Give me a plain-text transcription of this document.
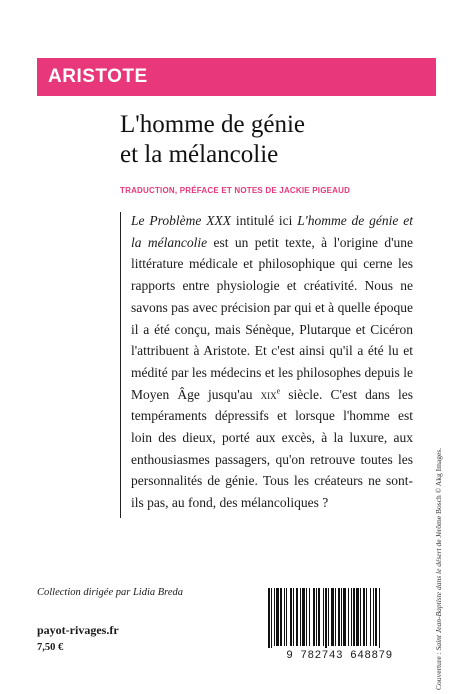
ARISTOTE
L'homme de génie
et la mélancolie
TRADUCTION, PRÉFACE ET NOTES DE JACKIE PIGEAUD
Le Problème XXX intitulé ici L'homme de génie et la mélancolie est un petit texte, à l'origine d'une littérature médicale et philosophique qui cerne les rapports entre physiologie et créativité. Nous ne savons pas avec précision par qui et à quelle époque il a été conçu, mais Sénèque, Plutarque et Cicéron l'attribuent à Aristote. Et c'est ainsi qu'il a été lu et médité par les médecins et les philosophes depuis le Moyen Âge jusqu'au xix$^e$ siècle. C'est dans les tempéraments dépressifs et lorsque l'homme est loin des dieux, porté aux excès, à la luxure, aux enthousiasmes passagers, qu'on retrouve toutes les personnalités de génie. Tous les créateurs ne sont-ils pas, au fond, des mélancoliques ?
Couverture : Saint Jean-Baptiste dans le désert de Jérôme Bosch © Akg Images.
Collection dirigée par Lidia Breda
payot-rivages.fr
7,50 €
9 782743 648879
